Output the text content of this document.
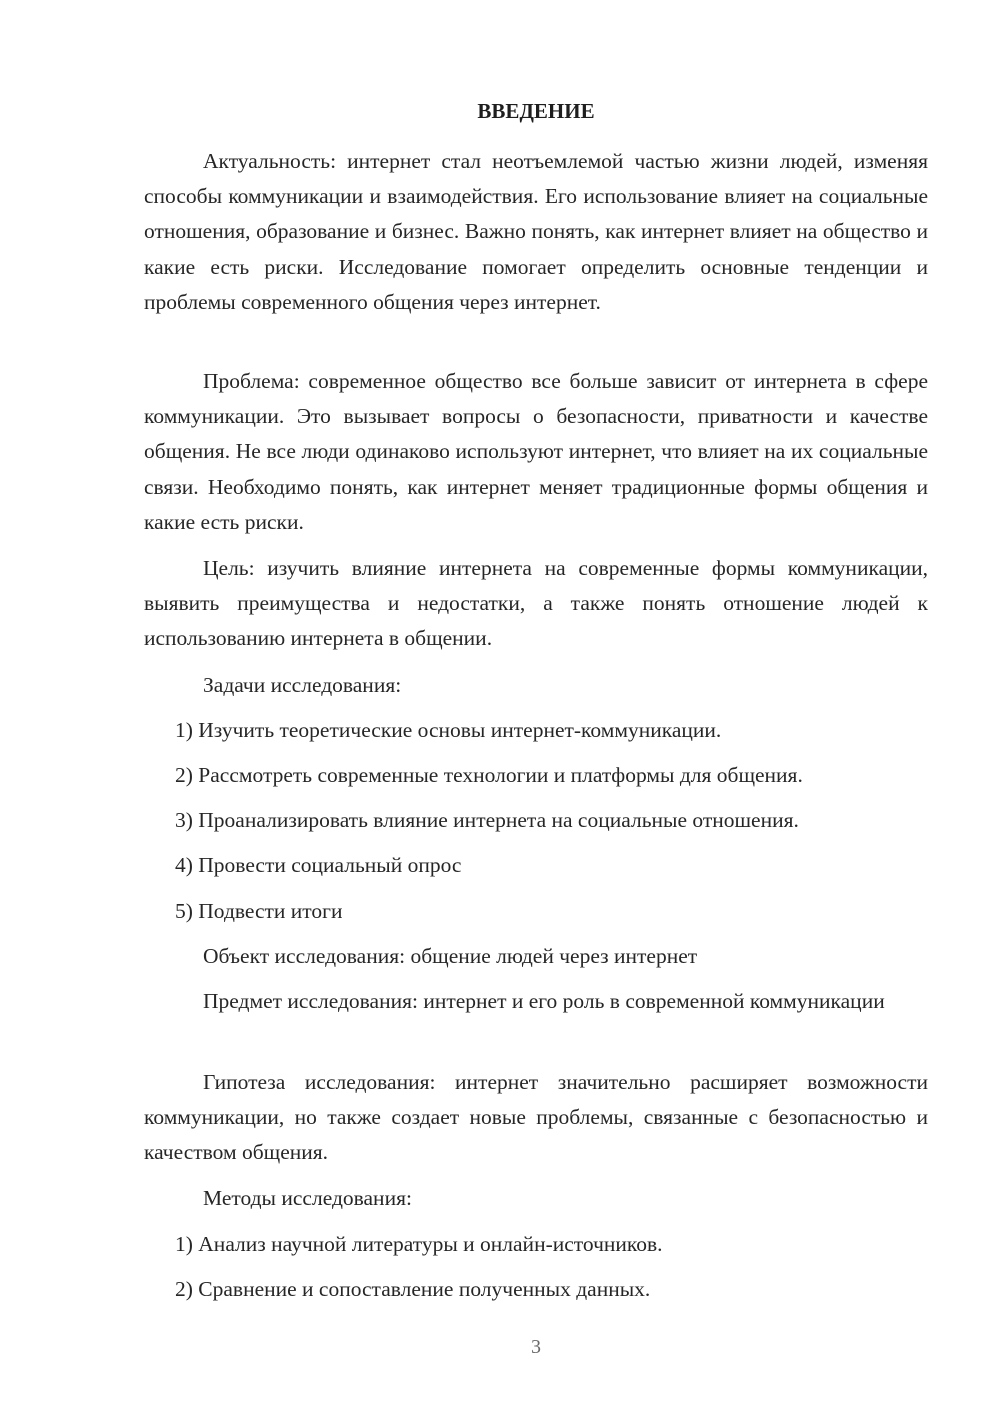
ВВЕДЕНИЕ

Актуальность: интернет стал неотъемлемой частью жизни людей, изменяя способы коммуникации и взаимодействия. Его использование влияет на социальные отношения, образование и бизнес. Важно понять, как интернет влияет на общество и какие есть риски. Исследование помогает определить основные тенденции и проблемы современного общения через интернет.

Проблема: современное общество все больше зависит от интернета в сфере коммуникации. Это вызывает вопросы о безопасности, приватности и качестве общения. Не все люди одинаково используют интернет, что влияет на их социальные связи. Необходимо понять, как интернет меняет традиционные формы общения и какие есть риски.

Цель: изучить влияние интернета на современные формы коммуникации, выявить преимущества и недостатки, а также понять отношение людей к использованию интернета в общении.

Задачи исследования:

1) Изучить теоретические основы интернет-коммуникации.

2) Рассмотреть современные технологии и платформы для общения.

3) Проанализировать влияние интернета на социальные отношения.

4) Провести социальный опрос

5) Подвести итоги

Объект исследования: общение людей через интернет

Предмет исследования: интернет и его роль в современной коммуникации

Гипотеза исследования: интернет значительно расширяет возможности коммуникации, но также создает новые проблемы, связанные с безопасностью и качеством общения.

Методы исследования:

1) Анализ научной литературы и онлайн-источников.

2) Сравнение и сопоставление полученных данных.

3
